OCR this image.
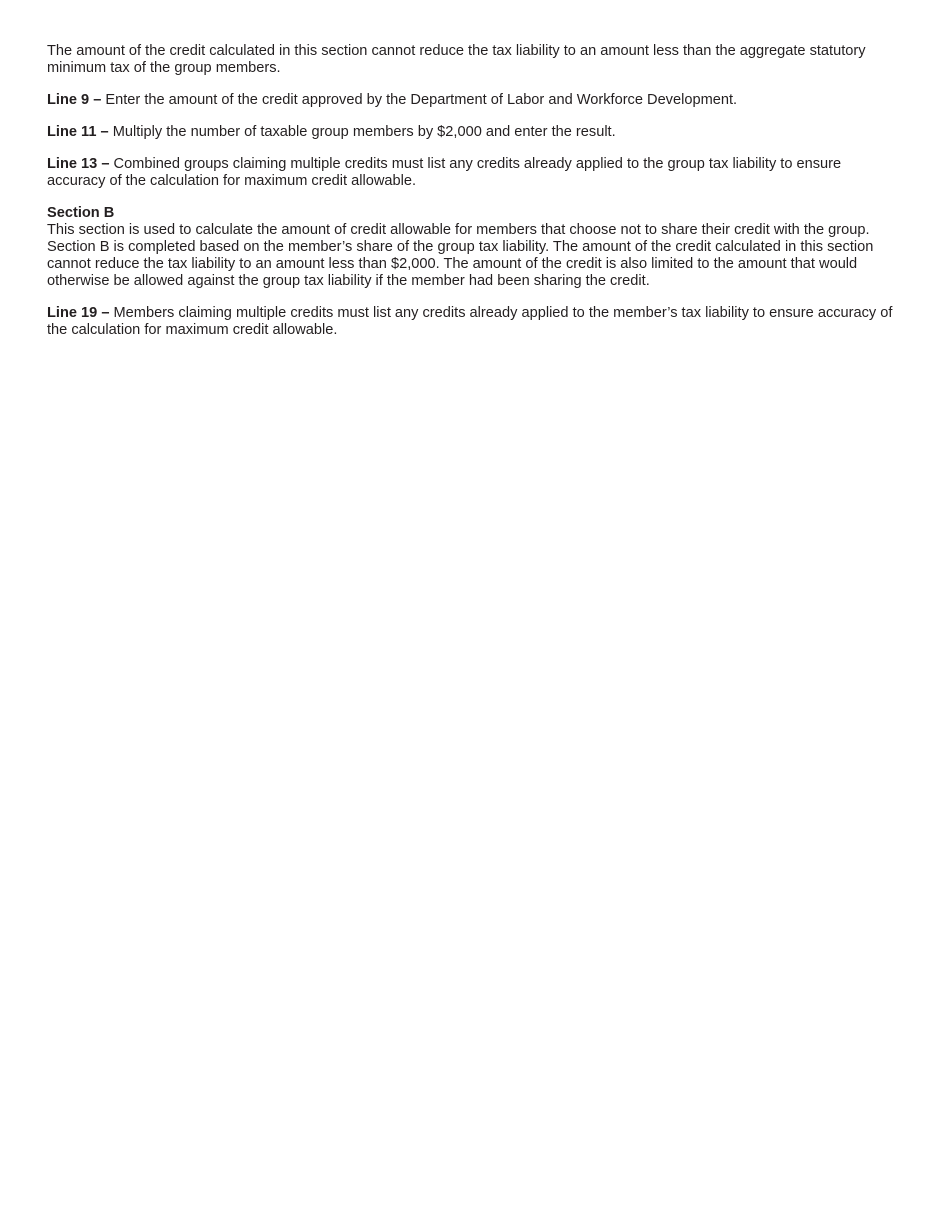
The amount of the credit calculated in this section cannot reduce the tax liability to an amount less than the aggregate statutory minimum tax of the group members.

Line 9 – Enter the amount of the credit approved by the Department of Labor and Workforce Development.

Line 11 – Multiply the number of taxable group members by $2,000 and enter the result.

Line 13 – Combined groups claiming multiple credits must list any credits already applied to the group tax liability to ensure accuracy of the calculation for maximum credit allowable.

Section B

This section is used to calculate the amount of credit allowable for members that choose not to share their credit with the group. Section B is completed based on the member’s share of the group tax liability. The amount of the credit calculated in this section cannot reduce the tax liability to an amount less than $2,000. The amount of the credit is also limited to the amount that would otherwise be allowed against the group tax liability if the member had been sharing the credit.

Line 19 – Members claiming multiple credits must list any credits already applied to the member’s tax liability to ensure accuracy of the calculation for maximum credit allowable.
